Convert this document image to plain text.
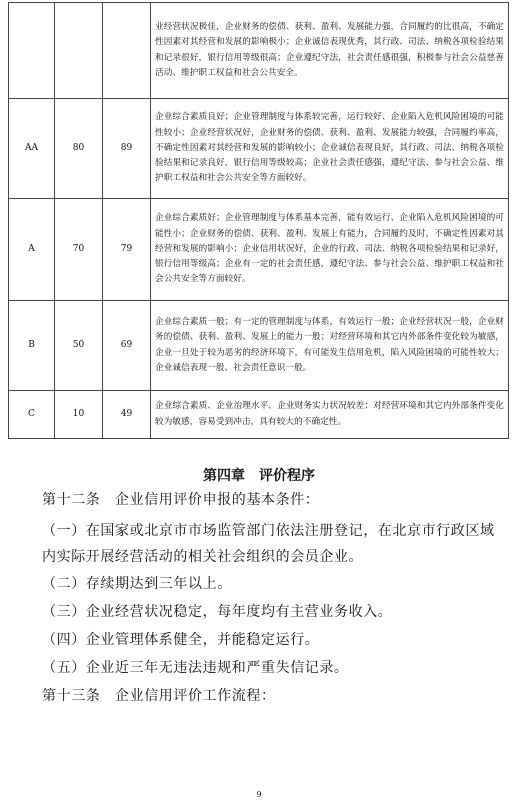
			业经营状况极佳，企业财务的偿债、获利、盈利、发展能力强，合同履约的比很高，不确定性因素对其经营和发展的影响极小；企业诚信表现优秀，其行政、司法、纳税各项检验结果和记录很好，银行信用等级很高；企业遵纪守法，社会责任感很强，积极参与社会公益慈善活动、维护职工权益和社会公共安全。
AA	80	89	企业综合素质良好；企业管理制度与体系较完善，运行较好、企业陷入危机风险困境的可能性较小；企业经营状况好，企业财务的偿债、获利、盈利、发展能力较强，合同履约率高，不确定性因素对其经营和发展的影响较小；企业诚信表现良好，其行政、司法、纳税各项检验结果和记录良好，银行信用等级较高；企业社会责任感强，遵纪守法、参与社会公益、维护职工权益和社会公共安全等方面较好。
A	70	79	企业综合素质好；企业管理制度与体系基本完善，能有效运行、企业陷入危机风险困境的可能性小；企业财务的偿债、获利、盈利、发展上有能力，合同履约及时，不确定性因素对其经营和发展的影响小；企业信用状况好，企业的行政、司法、纳税各项检验结果和记录好，银行信用等级高；企业有一定的社会责任感，遵纪守法、参与社会公益、维护职工权益和社会公共安全等方面较好。
B	50	69	企业综合素质一般；有一定的管理制度与体系，有效运行一般；企业经营状况一般，企业财务的偿债、获利、盈利、发展上的能力一般；对经营环境和其它内外部条件变化较为敏感，企业一旦处于较为恶劣的经济环境下，有可能发生信用危机，陷入风险困境的可能性较大；企业诚信表现一般、社会责任意识一般。
C	10	49	企业综合素质、企业治理水平、企业财务实力状况较差；对经营环境和其它内外部条件变化较为敏感，容易受到冲击，具有较大的不确定性。
第四章　评价程序
第十二条　企业信用评价申报的基本条件：
（一）在国家或北京市市场监管部门依法注册登记，在北京市行政区域内实际开展经营活动的相关社会组织的会员企业。
（二）存续期达到三年以上。
（三）企业经营状况稳定，每年度均有主营业务收入。
（四）企业管理体系健全，并能稳定运行。
（五）企业近三年无违法违规和严重失信记录。
第十三条　企业信用评价工作流程：
9
